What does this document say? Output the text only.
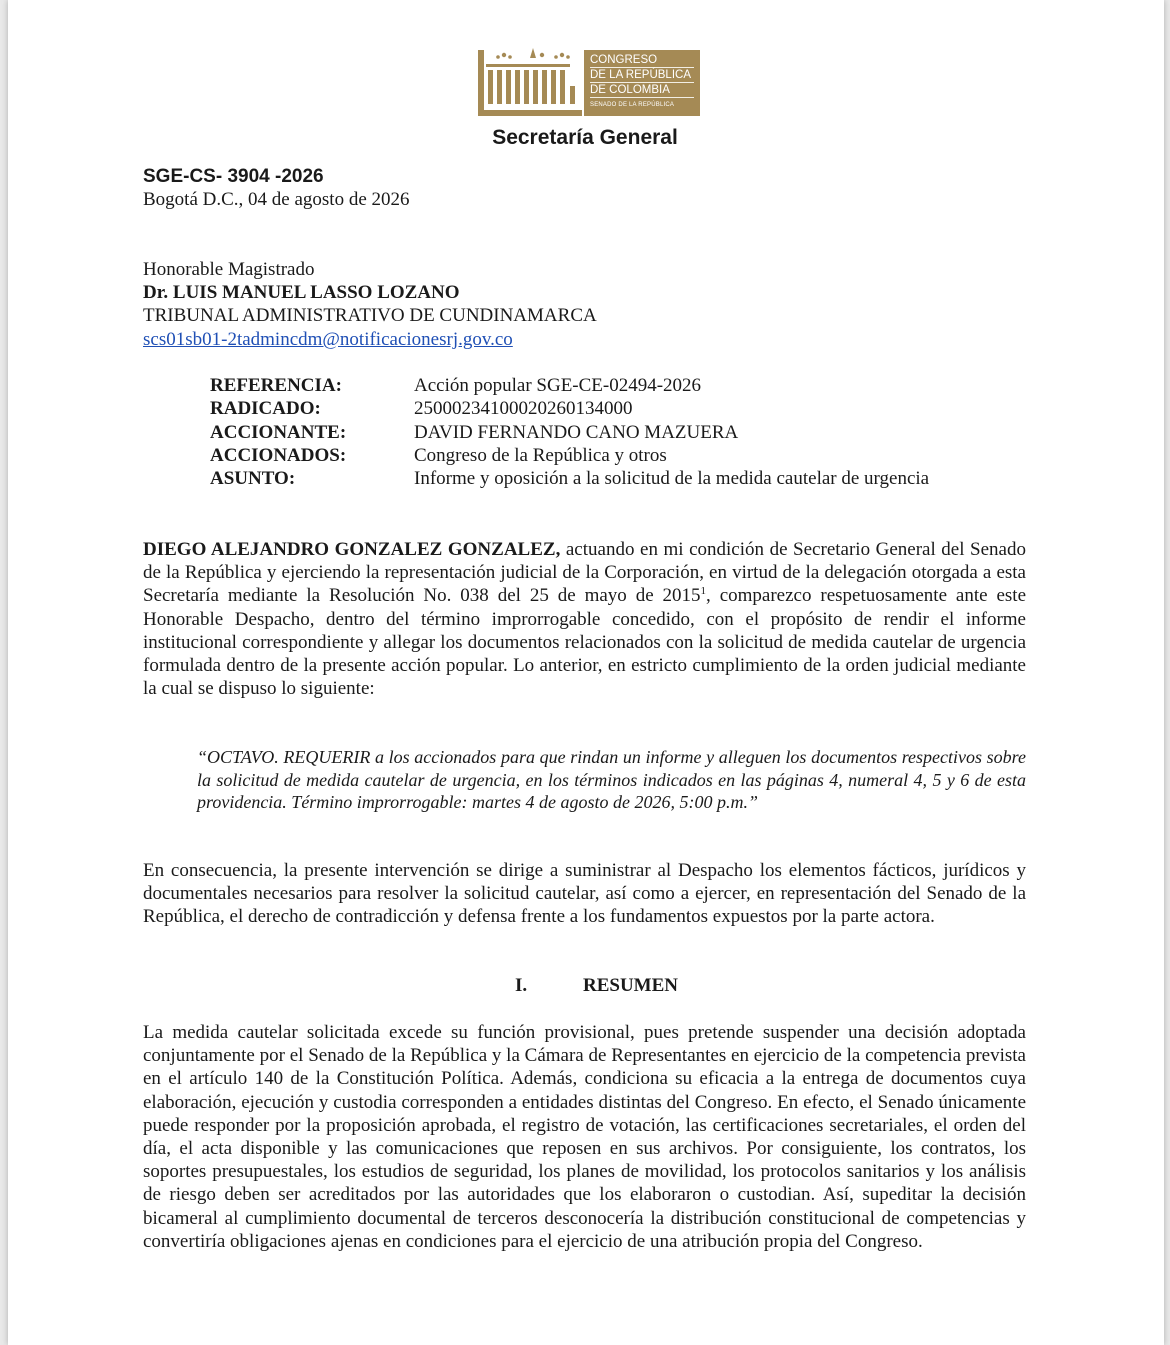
CONGRESO
DE LA REPÚBLICA
DE COLOMBIA
SENADO DE LA REPÚBLICA
Secretaría General
SGE-CS- 3904 -2026
Bogotá D.C., 04 de agosto de 2026
Honorable Magistrado
Dr. LUIS MANUEL LASSO LOZANO
TRIBUNAL ADMINISTRATIVO DE CUNDINAMARCA
scs01sb01-2tadmincdm@notificacionesrj.gov.co
REFERENCIA:	Acción popular SGE-CE-02494-2026
RADICADO:	25000234100020260134000
ACCIONANTE:	DAVID FERNANDO CANO MAZUERA
ACCIONADOS:	Congreso de la República y otros
ASUNTO:	Informe y oposición a la solicitud de la medida cautelar de urgencia
DIEGO ALEJANDRO GONZALEZ GONZALEZ, actuando en mi condición de Secretario General del Senado de la República y ejerciendo la representación judicial de la Corporación, en virtud de la delegación otorgada a esta Secretaría mediante la Resolución No. 038 del 25 de mayo de 2015$^1$, comparezco respetuosamente ante este Honorable Despacho, dentro del término improrrogable concedido, con el propósito de rendir el informe institucional correspondiente y allegar los documentos relacionados con la solicitud de medida cautelar de urgencia formulada dentro de la presente acción popular. Lo anterior, en estricto cumplimiento de la orden judicial mediante la cual se dispuso lo siguiente:
“OCTAVO. REQUERIR a los accionados para que rindan un informe y alleguen los documentos respectivos sobre la solicitud de medida cautelar de urgencia, en los términos indicados en las páginas 4, numeral 4, 5 y 6 de esta providencia. Término improrrogable: martes 4 de agosto de 2026, 5:00 p.m.”
En consecuencia, la presente intervención se dirige a suministrar al Despacho los elementos fácticos, jurídicos y documentales necesarios para resolver la solicitud cautelar, así como a ejercer, en representación del Senado de la República, el derecho de contradicción y defensa frente a los fundamentos expuestos por la parte actora.
I.	RESUMEN
La medida cautelar solicitada excede su función provisional, pues pretende suspender una decisión adoptada conjuntamente por el Senado de la República y la Cámara de Representantes en ejercicio de la competencia prevista en el artículo 140 de la Constitución Política. Además, condiciona su eficacia a la entrega de documentos cuya elaboración, ejecución y custodia corresponden a entidades distintas del Congreso. En efecto, el Senado únicamente puede responder por la proposición aprobada, el registro de votación, las certificaciones secretariales, el orden del día, el acta disponible y las comunicaciones que reposen en sus archivos. Por consiguiente, los contratos, los soportes presupuestales, los estudios de seguridad, los planes de movilidad, los protocolos sanitarios y los análisis de riesgo deben ser acreditados por las autoridades que los elaboraron o custodian. Así, supeditar la decisión bicameral al cumplimiento documental de terceros desconocería la distribución constitucional de competencias y convertiría obligaciones ajenas en condiciones para el ejercicio de una atribución propia del Congreso.
